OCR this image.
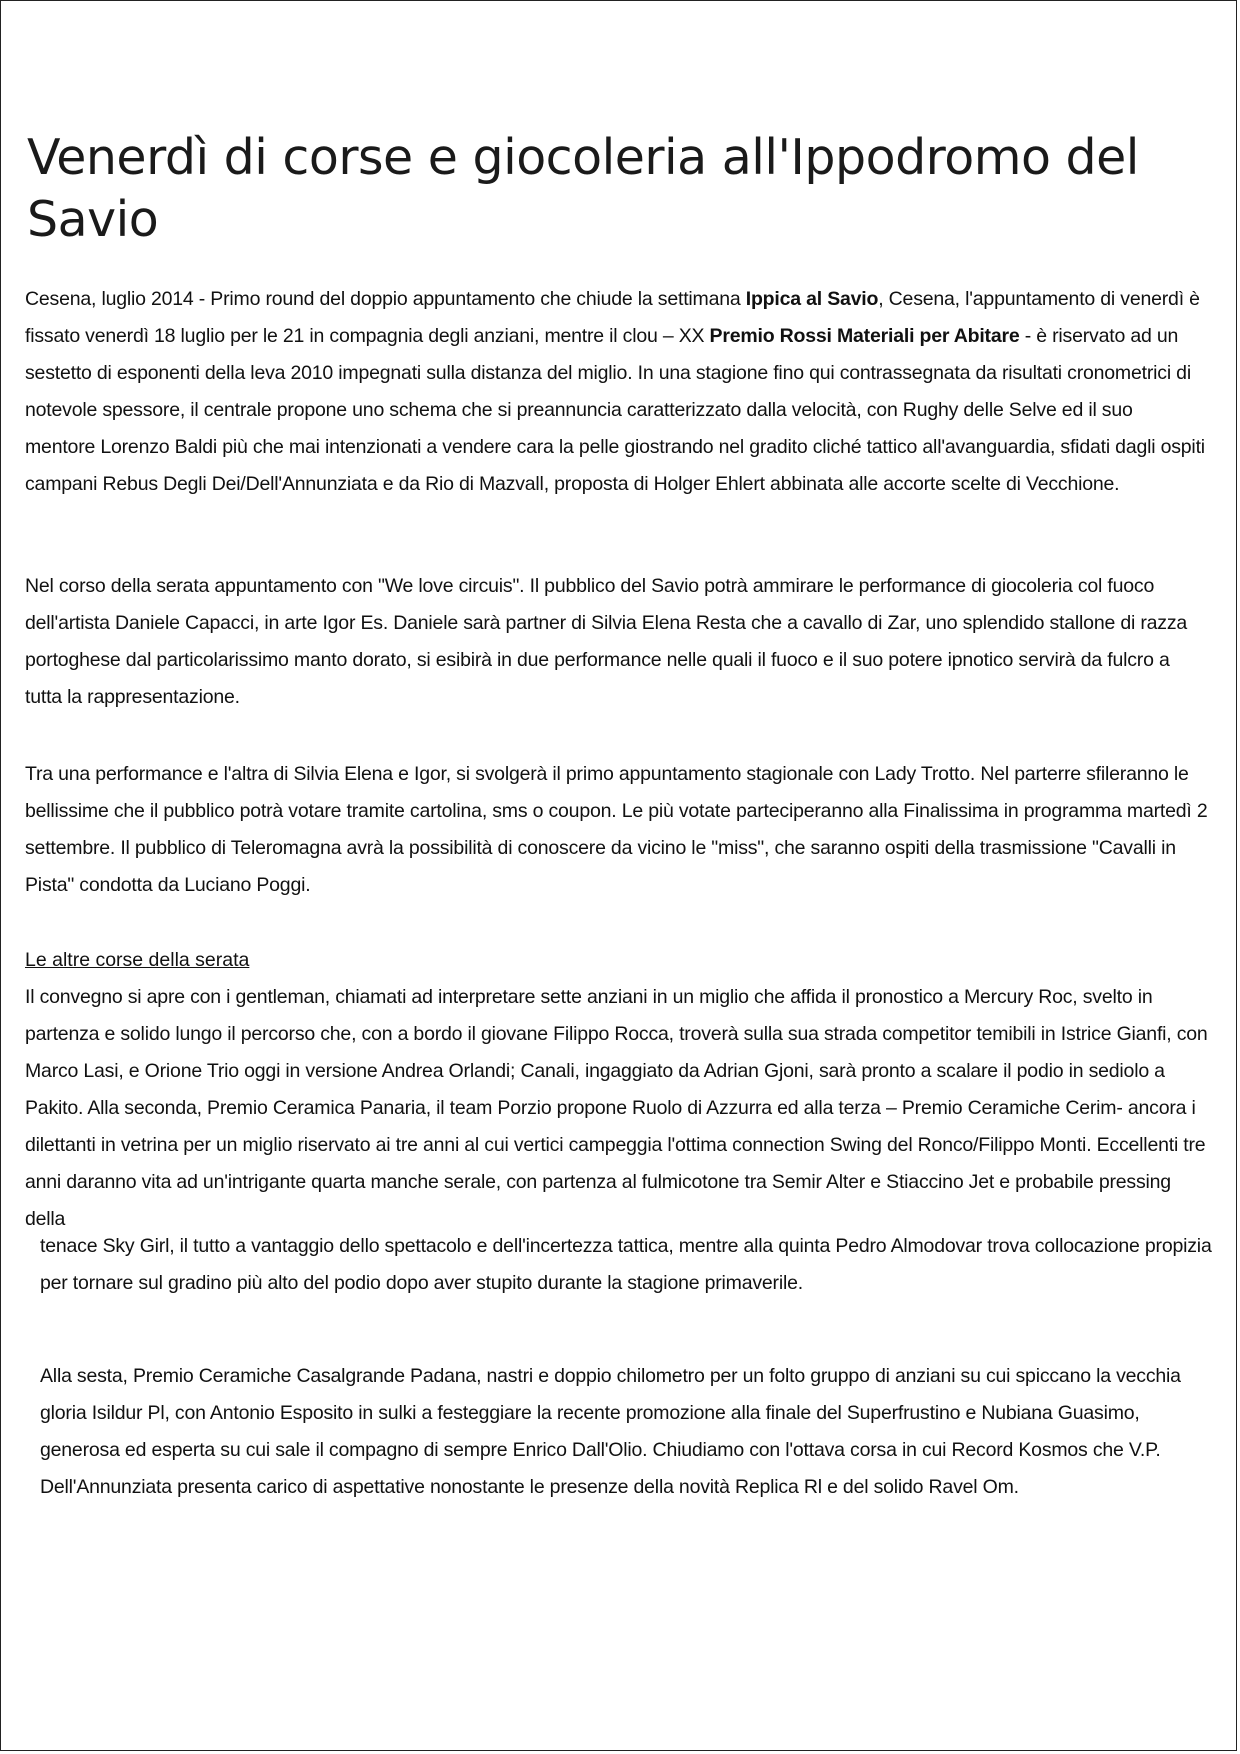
Venerdì di corse e giocoleria all'Ippodromo del Savio

Cesena, luglio 2014 - Primo round del doppio appuntamento che chiude la settimana Ippica al Savio, Cesena, l'appuntamento di venerdì è fissato venerdì 18 luglio per le 21 in compagnia degli anziani, mentre il clou – XX Premio Rossi Materiali per Abitare - è riservato ad un sestetto di esponenti della leva 2010 impegnati sulla distanza del miglio. In una stagione fino qui contrassegnata da risultati cronometrici di notevole spessore, il centrale propone uno schema che si preannuncia caratterizzato dalla velocità, con Rughy delle Selve ed il suo mentore Lorenzo Baldi più che mai intenzionati a vendere cara la pelle giostrando nel gradito cliché tattico all'avanguardia, sfidati dagli ospiti campani Rebus Degli Dei/Dell'Annunziata e da Rio di Mazvall, proposta di Holger Ehlert abbinata alle accorte scelte di Vecchione.

Nel corso della serata appuntamento con "We love circuis". Il pubblico del Savio potrà ammirare le performance di giocoleria col fuoco dell'artista Daniele Capacci, in arte Igor Es. Daniele sarà partner di Silvia Elena Resta che a cavallo di Zar, uno splendido stallone di razza portoghese dal particolarissimo manto dorato, si esibirà in due performance nelle quali il fuoco e il suo potere ipnotico servirà da fulcro a tutta la rappresentazione.

Tra una performance e l'altra di Silvia Elena e Igor, si svolgerà il primo appuntamento stagionale con Lady Trotto. Nel parterre sfileranno le bellissime che il pubblico potrà votare tramite cartolina, sms o coupon. Le più votate parteciperanno alla Finalissima in programma martedì 2 settembre. Il pubblico di Teleromagna avrà la possibilità di conoscere da vicino le "miss", che saranno ospiti della trasmissione "Cavalli in Pista" condotta da Luciano Poggi.

Le altre corse della serata

Il convegno si apre con i gentleman, chiamati ad interpretare sette anziani in un miglio che affida il pronostico a Mercury Roc, svelto in partenza e solido lungo il percorso che, con a bordo il giovane Filippo Rocca, troverà sulla sua strada competitor temibili in Istrice Gianfi, con Marco Lasi, e Orione Trio oggi in versione Andrea Orlandi; Canali, ingaggiato da Adrian Gjoni, sarà pronto a scalare il podio in sediolo a Pakito. Alla seconda, Premio Ceramica Panaria, il team Porzio propone Ruolo di Azzurra ed alla terza – Premio Ceramiche Cerim- ancora i dilettanti in vetrina per un miglio riservato ai tre anni al cui vertici campeggia l'ottima connection Swing del Ronco/Filippo Monti. Eccellenti tre anni daranno vita ad un'intrigante quarta manche serale, con partenza al fulmicotone tra Semir Alter e Stiaccino Jet e probabile pressing della

tenace Sky Girl, il tutto a vantaggio dello spettacolo e dell'incertezza tattica, mentre alla quinta Pedro Almodovar trova collocazione propizia per tornare sul gradino più alto del podio dopo aver stupito durante la stagione primaverile.

Alla sesta, Premio Ceramiche Casalgrande Padana, nastri e doppio chilometro per un folto gruppo di anziani su cui spiccano la vecchia gloria Isildur Pl, con Antonio Esposito in sulki a festeggiare la recente promozione alla finale del Superfrustino e Nubiana Guasimo, generosa ed esperta su cui sale il compagno di sempre Enrico Dall'Olio. Chiudiamo con l'ottava corsa in cui Record Kosmos che V.P. Dell'Annunziata presenta carico di aspettative nonostante le presenze della novità Replica Rl e del solido Ravel Om.
